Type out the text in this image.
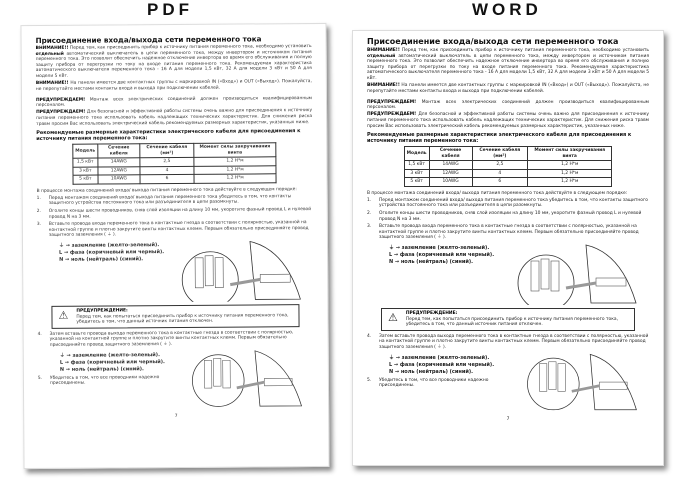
PDF	WORD
Присоединение входа/выхода сети переменного тока

ВНИМАНИЕ!! Перед тем, как присоединить прибор к источнику питания переменного тока, необходимо установить отдельный автоматический выключатель в цепи переменного тока, между инвертором и источником питания переменного тока. Это позволит обеспечить надежное отключение инвертора во время его обслуживания и полную защиту прибора от перегрузки по току на входе питания переменного тока. Рекомендуемая характеристика автоматического выключателя переменного тока - 16 А для модели 1,5 кВт, 32 А для модели 3 кВт и 50 А для модели 5 кВт.

ВНИМАНИЕ!! На панели имеется две контактных группы с маркировкой IN («Вход») и OUT («Выход»). Пожалуйста, не перепутайте местами контакты входа и выхода при подключении кабелей.

ПРЕДУПРЕЖДАЕМ! Монтаж всех электрических соединений должен производиться квалифицированным персоналом.

ПРЕДУПРЕЖДАЕМ! Для безопасной и эффективной работы системы очень важно для присоединения к источнику питания переменного тока использовать кабель надлежащих технических характеристик. Для снижения риска травм просим Вас использовать электрический кабель рекомендуемых размерных характеристик, указанных ниже.

Рекомендуемые размерные характеристики электрического кабеля для присоединения к источнику питания переменного тока:
Модель	Сечение кабеля	Сечение кабеля (мм²)	Момент силы закручивания винта
1,5 кВт	14AWG	2,5	1,2 Н*м
3 кВт	12AWG	4	1,2 Н*м
5 кВт	10AWG	6	1,2 Н*м

В процессе монтажа соединений входа/ выхода питания переменного тока действуйте в следующем порядке:

1.	Перед монтажом соединений входа/ выхода питания переменного тока убедитесь в том, что контакты защитного устройства постоянного тока или разъединителя в цепи разомкнуты.
2.	Оголите концы шести проводников, сняв слой изоляции на длину 10 мм, укоротите фазный провод L и нулевой провод N на 3 мм.
3.	Вставьте провода входа переменного тока в контактные гнезда в соответствии с полярностью, указанной на контактной группе и плотно закрутите винты контактных клемм. Первым обязательно присоединяйте провод защитного заземления ( ⏚ ).
⏚ → заземление (желто-зеленый).
L → фаза (коричневый или черный).
N → ноль (нейтраль) (синий).
⚠ ПРЕДУПРЕЖДЕНИЕ:
Перед тем, как попытаться присоединить прибор к источнику питания переменного тока, убедитесь в том, что данный источник питания отключен.
4.	Затем вставьте провода выхода переменного тока в контактные гнезда в соответствии с полярностью, указанной на контактной группе и плотно закрутите винты контактных клемм. Первым обязательно присоединяйте провод защитного заземления ( ⏚ ).
⏚ → заземление (желто-зеленый).
L → фаза (коричневый или черный).
N → ноль (нейтраль) (синий).
5.	Убедитесь в том, что все проводники надежно присоединены.
7
Присоединение входа/выхода сети переменного тока

ВНИМАНИЕ!! Перед тем, как присоединить прибор к источнику питания переменного тока, необходимо установить отдельный автоматический выключатель в цепи переменного тока, между инвертором и источником питания переменного тока. Это позволит обеспечить надежное отключение инвертора во время его обслуживания и полную защиту прибора от перегрузки по току на входе питания переменного тока. Рекомендуемая характеристика автоматического выключателя переменного тока - 16 А для модели 1,5 кВт, 32 А для модели 3 кВт и 50 А для модели 5 кВт.

ВНИМАНИЕ!! На панели имеется две контактных группы с маркировкой IN («Вход») и OUT («Выход»). Пожалуйста, не перепутайте местами контакты входа и выхода при подключении кабелей.

ПРЕДУПРЕЖДАЕМ! Монтаж всех электрических соединений должен производиться квалифицированным персоналом.

ПРЕДУПРЕЖДАЕМ! Для безопасной и эффективной работы системы очень важно для присоединения к источнику питания переменного тока использовать кабель надлежащих технических характеристик. Для снижения риска травм просим Вас использовать электрический кабель рекомендуемых размерных характеристик, указанных ниже.

Рекомендуемые размерные характеристики электрического кабеля для присоединения к источнику питания переменного тока:
Модель	Сечение кабеля	Сечение кабеля (мм²)	Момент силы закручивания винта
1,5 кВт	14AWG	2,5	1,2 Н*м
3 кВт	12AWG	4	1,2 Н*м
5 кВт	10AWG	6	1,2 Н*м

В процессе монтажа соединений входа/ выхода питания переменного тока действуйте в следующем порядке:

1.	Перед монтажом соединений входа/ выхода питания переменного тока убедитесь в том, что контакты защитного устройства постоянного тока или разъединителя в цепи разомкнуты.
2.	Оголите концы шести проводников, сняв слой изоляции на длину 10 мм, укоротите фазный провод L и нулевой провод N на 3 мм.
3.	Вставьте провода входа переменного тока в контактные гнезда в соответствии с полярностью, указанной на контактной группе и плотно закрутите винты контактных клемм. Первым обязательно присоединяйте провод защитного заземления ( ⏚ ).
⏚ → заземление (желто-зеленый).
L → фаза (коричневый или черный).
N → ноль (нейтраль) (синий).
⚠ ПРЕДУПРЕЖДЕНИЕ:
Перед тем, как попытаться присоединить прибор к источнику питания переменного тока, убедитесь в том, что данный источник питания отключен.
4.	Затем вставьте провода выхода переменного тока в контактные гнезда в соответствии с полярностью, указанной на контактной группе и плотно закрутите винты контактных клемм. Первым обязательно присоединяйте провод защитного заземления ( ⏚ ).
⏚ → заземление (желто-зеленый).
L → фаза (коричневый или черный).
N → ноль (нейтраль) (синий).
5.	Убедитесь в том, что все проводники надежно присоединены.
7
